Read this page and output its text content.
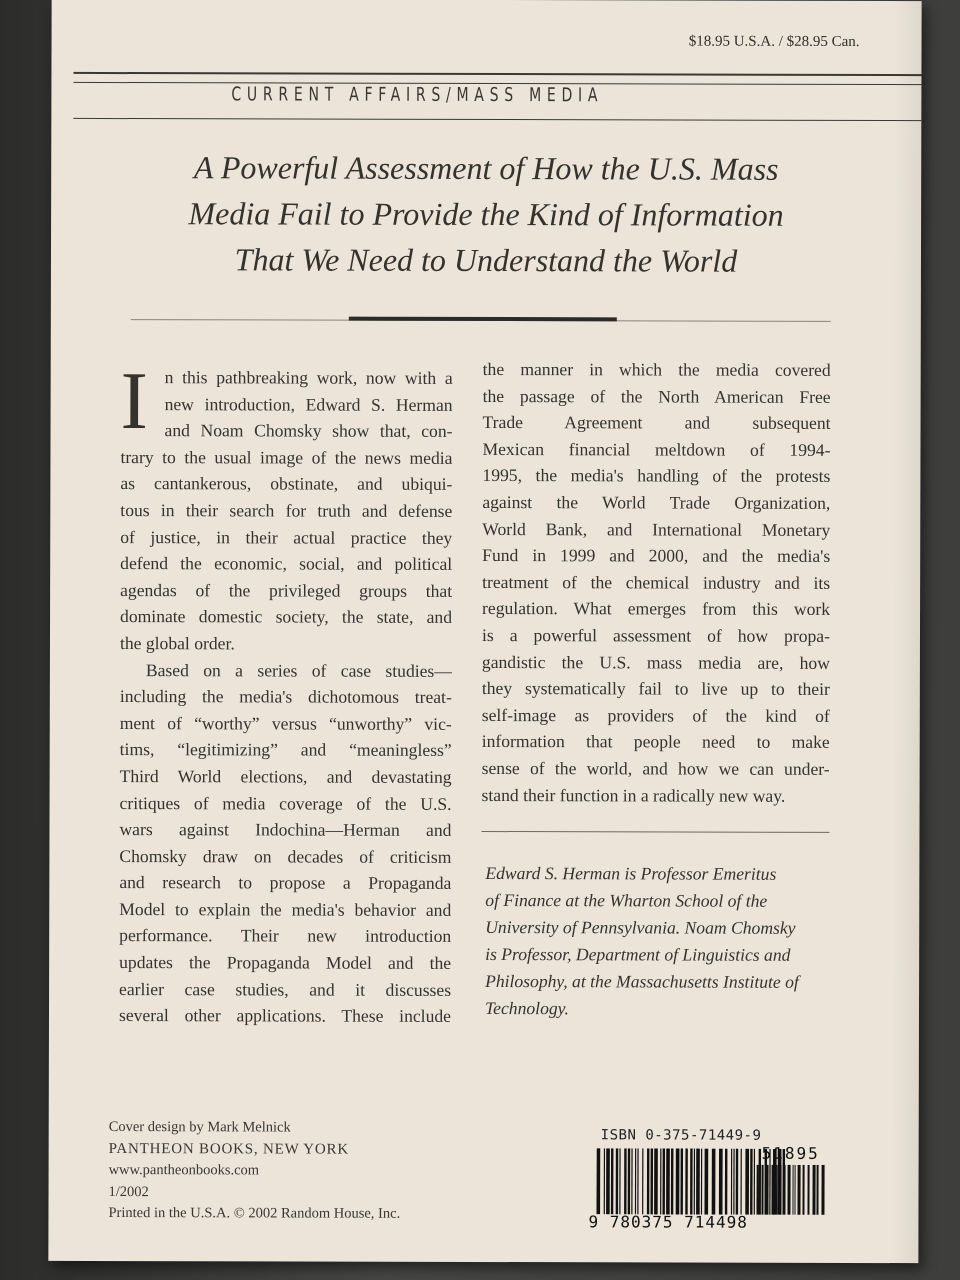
$18.95 U.S.A. / $28.95 Can.
CURRENT AFFAIRS/MASS MEDIA
A Powerful Assessment of How the U.S. Mass
Media Fail to Provide the Kind of Information
That We Need to Understand the World
I n this pathbreaking work, now with a
new introduction, Edward S. Herman
and Noam Chomsky show that, con-
trary to the usual image of the news media
as cantankerous, obstinate, and ubiqui-
tous in their search for truth and defense
of justice, in their actual practice they
defend the economic, social, and political
agendas of the privileged groups that
dominate domestic society, the state, and
the global order.
Based on a series of case studies—
including the media's dichotomous treat-
ment of “worthy” versus “unworthy” vic-
tims, “legitimizing” and “meaningless”
Third World elections, and devastating
critiques of media coverage of the U.S.
wars against Indochina—Herman and
Chomsky draw on decades of criticism
and research to propose a Propaganda
Model to explain the media's behavior and
performance. Their new introduction
updates the Propaganda Model and the
earlier case studies, and it discusses
several other applications. These include
the manner in which the media covered
the passage of the North American Free
Trade Agreement and subsequent
Mexican financial meltdown of 1994-
1995, the media's handling of the protests
against the World Trade Organization,
World Bank, and International Monetary
Fund in 1999 and 2000, and the media's
treatment of the chemical industry and its
regulation. What emerges from this work
is a powerful assessment of how propa-
gandistic the U.S. mass media are, how
they systematically fail to live up to their
self-image as providers of the kind of
information that people need to make
sense of the world, and how we can under-
stand their function in a radically new way.
Edward S. Herman is Professor Emeritus
of Finance at the Wharton School of the
University of Pennsylvania. Noam Chomsky
is Professor, Department of Linguistics and
Philosophy, at the Massachusetts Institute of
Technology.
Cover design by Mark Melnick
PANTHEON BOOKS, NEW YORK
www.pantheonbooks.com
1/2002
Printed in the U.S.A. © 2002 Random House, Inc.
ISBN 0-375-71449-9
51895
9 780375 714498
